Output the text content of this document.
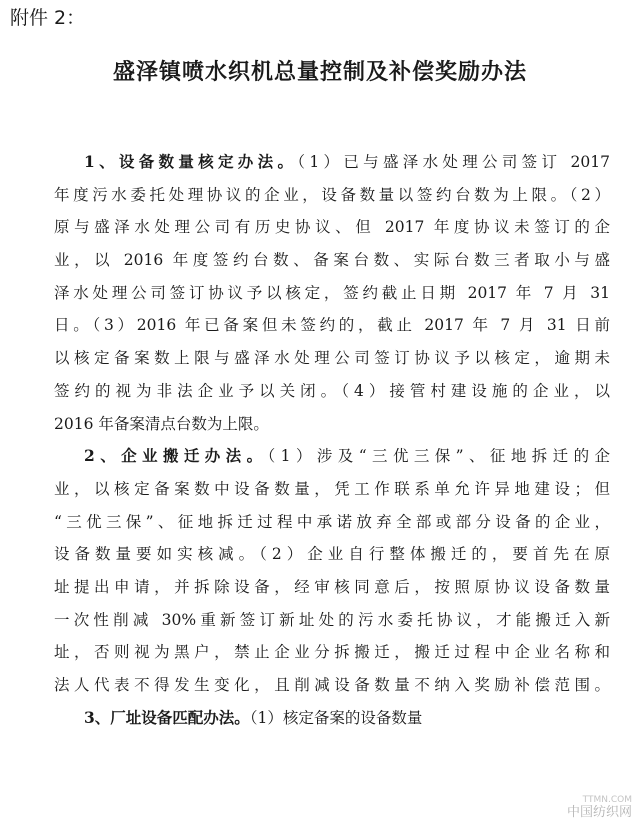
附件 2：
盛泽镇喷水织机总量控制及补偿奖励办法
1、设备数量核定办法。（1）已与盛泽水处理公司签订 2017
年度污水委托处理协议的企业，设备数量以签约台数为上限。（2）
原与盛泽水处理公司有历史协议、但 2017 年度协议未签订的企
业，以 2016 年度签约台数、备案台数、实际台数三者取小与盛
泽水处理公司签订协议予以核定，签约截止日期 2017 年 7 月 31
日。（3）2016 年已备案但未签约的，截止 2017 年 7 月 31 日前
以核定备案数上限与盛泽水处理公司签订协议予以核定，逾期未
签约的视为非法企业予以关闭。（4）接管村建设施的企业，以
2016 年备案清点台数为上限。
2、企业搬迁办法。（1）涉及“三优三保”、征地拆迁的企
业，以核定备案数中设备数量，凭工作联系单允许异地建设；但
“三优三保”、征地拆迁过程中承诺放弃全部或部分设备的企业，
设备数量要如实核减。（2）企业自行整体搬迁的，要首先在原
址提出申请，并拆除设备，经审核同意后，按照原协议设备数量
一次性削减 30%重新签订新址处的污水委托协议，才能搬迁入新
址，否则视为黑户，禁止企业分拆搬迁，搬迁过程中企业名称和
法人代表不得发生变化，且削减设备数量不纳入奖励补偿范围。
3、厂址设备匹配办法。（1）核定备案的设备数量
TTMN.COM
中国纺织网
